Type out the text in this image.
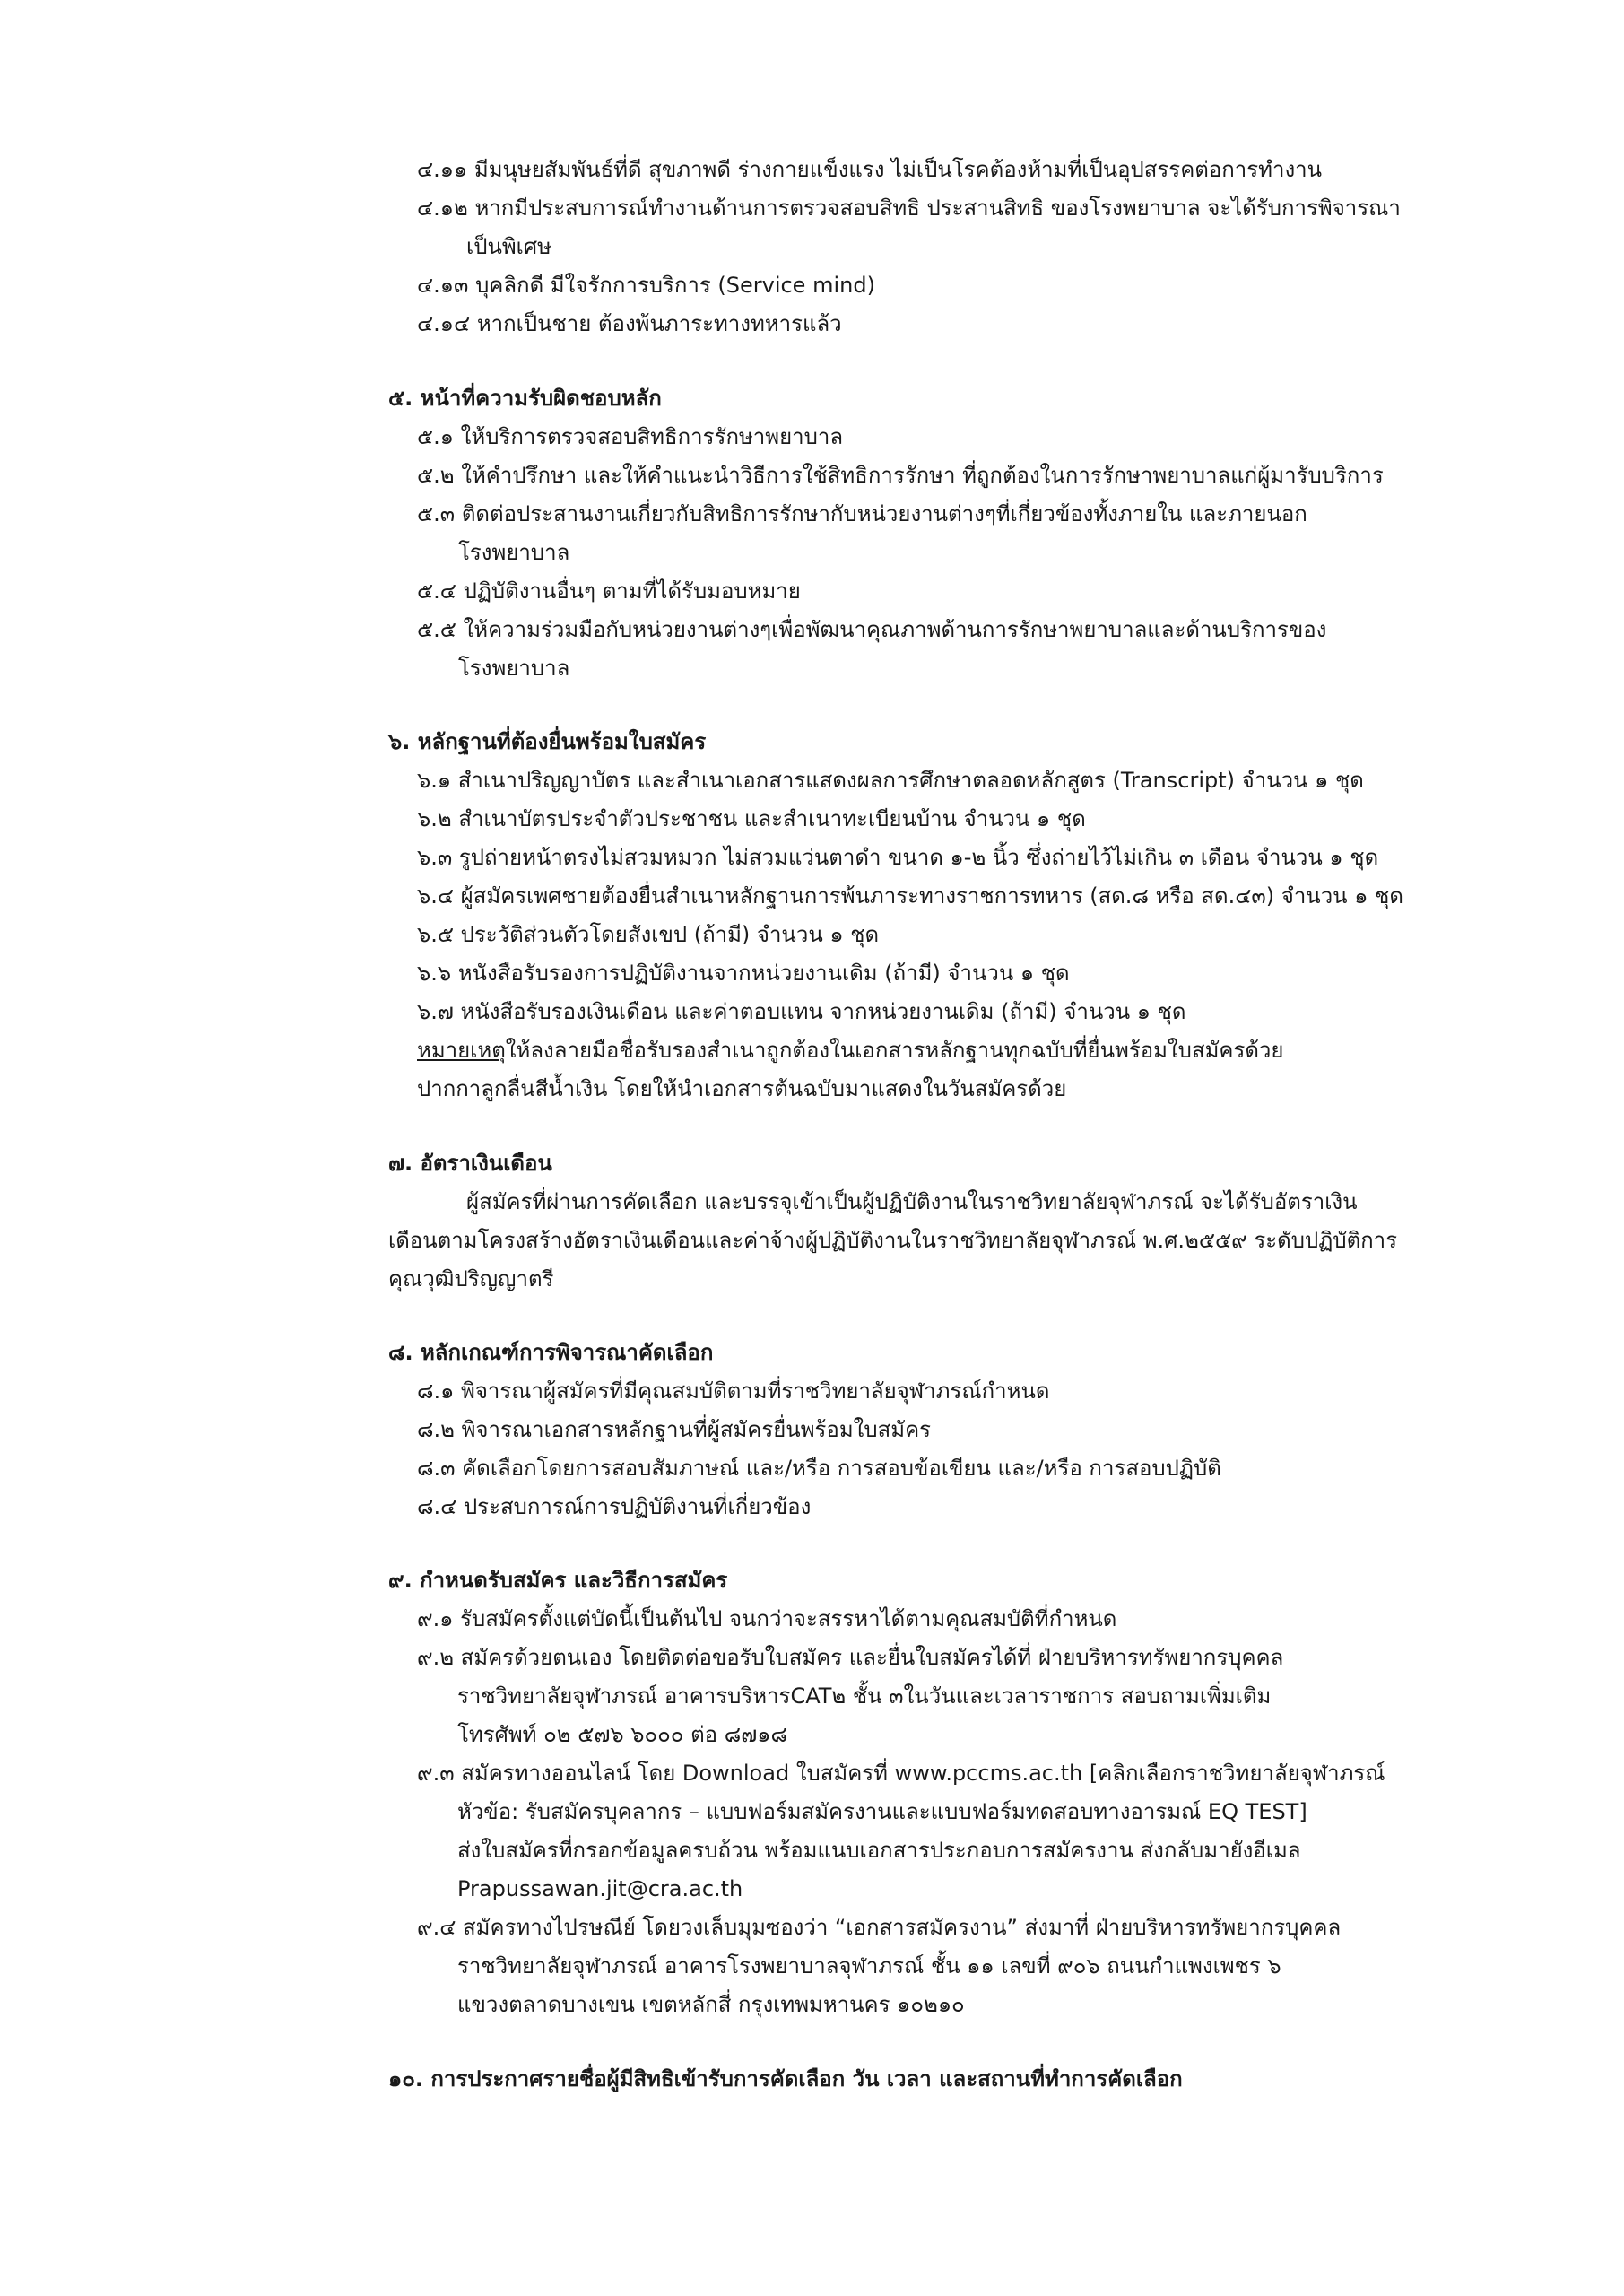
๔.๑๑ มีมนุษยสัมพันธ์ที่ดี สุขภาพดี ร่างกายแข็งแรง ไม่เป็นโรคต้องห้ามที่เป็นอุปสรรคต่อการทำงาน
๔.๑๒ หากมีประสบการณ์ทำงานด้านการตรวจสอบสิทธิ ประสานสิทธิ ของโรงพยาบาล จะได้รับการพิจารณา
เป็นพิเศษ
๔.๑๓ บุคลิกดี มีใจรักการบริการ (Service mind)
๔.๑๔ หากเป็นชาย ต้องพ้นภาระทางทหารแล้ว
๕. หน้าที่ความรับผิดชอบหลัก
๕.๑ ให้บริการตรวจสอบสิทธิการรักษาพยาบาล
๕.๒ ให้คำปรึกษา และให้คำแนะนำวิธีการใช้สิทธิการรักษา ที่ถูกต้องในการรักษาพยาบาลแก่ผู้มารับบริการ
๕.๓ ติดต่อประสานงานเกี่ยวกับสิทธิการรักษากับหน่วยงานต่างๆที่เกี่ยวข้องทั้งภายใน และภายนอก
โรงพยาบาล
๕.๔ ปฏิบัติงานอื่นๆ ตามที่ได้รับมอบหมาย
๕.๕ ให้ความร่วมมือกับหน่วยงานต่างๆเพื่อพัฒนาคุณภาพด้านการรักษาพยาบาลและด้านบริการของ
โรงพยาบาล
๖. หลักฐานที่ต้องยื่นพร้อมใบสมัคร
๖.๑ สำเนาปริญญาบัตร และสำเนาเอกสารแสดงผลการศึกษาตลอดหลักสูตร (Transcript) จำนวน ๑ ชุด
๖.๒ สำเนาบัตรประจำตัวประชาชน และสำเนาทะเบียนบ้าน จำนวน ๑ ชุด
๖.๓ รูปถ่ายหน้าตรงไม่สวมหมวก ไม่สวมแว่นตาดำ ขนาด ๑-๒ นิ้ว ซึ่งถ่ายไว้ไม่เกิน ๓ เดือน จำนวน ๑ ชุด
๖.๔ ผู้สมัครเพศชายต้องยื่นสำเนาหลักฐานการพ้นภาระทางราชการทหาร (สด.๘ หรือ สด.๔๓) จำนวน ๑ ชุด
๖.๕ ประวัติส่วนตัวโดยสังเขป (ถ้ามี) จำนวน ๑ ชุด
๖.๖ หนังสือรับรองการปฏิบัติงานจากหน่วยงานเดิม (ถ้ามี) จำนวน ๑ ชุด
๖.๗ หนังสือรับรองเงินเดือน และค่าตอบแทน จากหน่วยงานเดิม (ถ้ามี) จำนวน ๑ ชุด
หมายเหตุให้ลงลายมือชื่อรับรองสำเนาถูกต้องในเอกสารหลักฐานทุกฉบับที่ยื่นพร้อมใบสมัครด้วย
ปากกาลูกลื่นสีน้ำเงิน โดยให้นำเอกสารต้นฉบับมาแสดงในวันสมัครด้วย
๗. อัตราเงินเดือน
ผู้สมัครที่ผ่านการคัดเลือก และบรรจุเข้าเป็นผู้ปฏิบัติงานในราชวิทยาลัยจุฬาภรณ์ จะได้รับอัตราเงิน
เดือนตามโครงสร้างอัตราเงินเดือนและค่าจ้างผู้ปฏิบัติงานในราชวิทยาลัยจุฬาภรณ์ พ.ศ.๒๕๕๙ ระดับปฏิบัติการ
คุณวุฒิปริญญาตรี
๘. หลักเกณฑ์การพิจารณาคัดเลือก
๘.๑ พิจารณาผู้สมัครที่มีคุณสมบัติตามที่ราชวิทยาลัยจุฬาภรณ์กำหนด
๘.๒ พิจารณาเอกสารหลักฐานที่ผู้สมัครยื่นพร้อมใบสมัคร
๘.๓ คัดเลือกโดยการสอบสัมภาษณ์ และ/หรือ การสอบข้อเขียน และ/หรือ การสอบปฏิบัติ
๘.๔ ประสบการณ์การปฏิบัติงานที่เกี่ยวข้อง
๙. กำหนดรับสมัคร และวิธีการสมัคร
๙.๑ รับสมัครตั้งแต่บัดนี้เป็นต้นไป จนกว่าจะสรรหาได้ตามคุณสมบัติที่กำหนด
๙.๒ สมัครด้วยตนเอง โดยติดต่อขอรับใบสมัคร และยื่นใบสมัครได้ที่ ฝ่ายบริหารทรัพยากรบุคคล
ราชวิทยาลัยจุฬาภรณ์ อาคารบริหารCAT๒ ชั้น ๓ในวันและเวลาราชการ สอบถามเพิ่มเติม
โทรศัพท์ ๐๒ ๕๗๖ ๖๐๐๐ ต่อ ๘๗๑๘
๙.๓ สมัครทางออนไลน์ โดย Download ใบสมัครที่ www.pccms.ac.th [คลิกเลือกราชวิทยาลัยจุฬาภรณ์
หัวข้อ: รับสมัครบุคลากร – แบบฟอร์มสมัครงานและแบบฟอร์มทดสอบทางอารมณ์ EQ TEST]
ส่งใบสมัครที่กรอกข้อมูลครบถ้วน พร้อมแนบเอกสารประกอบการสมัครงาน ส่งกลับมายังอีเมล
Prapussawan.jit@cra.ac.th
๙.๔ สมัครทางไปรษณีย์ โดยวงเล็บมุมซองว่า “เอกสารสมัครงาน” ส่งมาที่ ฝ่ายบริหารทรัพยากรบุคคล
ราชวิทยาลัยจุฬาภรณ์ อาคารโรงพยาบาลจุฬาภรณ์ ชั้น ๑๑ เลขที่ ๙๐๖ ถนนกำแพงเพชร ๖
แขวงตลาดบางเขน เขตหลักสี่ กรุงเทพมหานคร ๑๐๒๑๐
๑๐. การประกาศรายชื่อผู้มีสิทธิเข้ารับการคัดเลือก วัน เวลา และสถานที่ทำการคัดเลือก
